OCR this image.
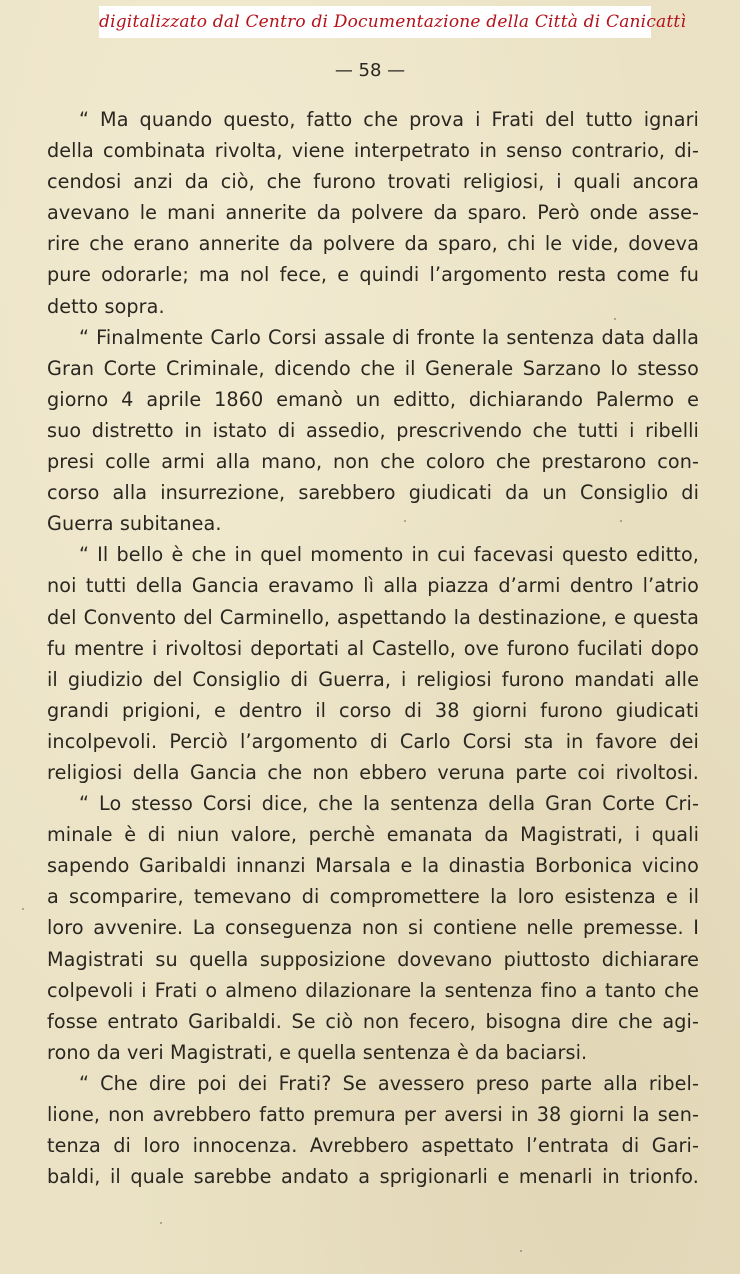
digitalizzato dal Centro di Documentazione della Città di Canicattì
— 58 —
“ Ma quando questo, fatto che prova i Frati del tutto ignari
della combinata rivolta, viene interpetrato in senso contrario, di-
cendosi anzi da ciò, che furono trovati religiosi, i quali ancora
avevano le mani annerite da polvere da sparo. Però onde asse-
rire che erano annerite da polvere da sparo, chi le vide, doveva
pure odorarle; ma nol fece, e quindi l’argomento resta come fu
detto sopra.
“ Finalmente Carlo Corsi assale di fronte la sentenza data dalla
Gran Corte Criminale, dicendo che il Generale Sarzano lo stesso
giorno 4 aprile 1860 emanò un editto, dichiarando Palermo e
suo distretto in istato di assedio, prescrivendo che tutti i ribelli
presi colle armi alla mano, non che coloro che prestarono con-
corso alla insurrezione, sarebbero giudicati da un Consiglio di
Guerra subitanea.
“ Il bello è che in quel momento in cui facevasi questo editto,
noi tutti della Gancia eravamo lì alla piazza d’armi dentro l’atrio
del Convento del Carminello, aspettando la destinazione, e questa
fu mentre i rivoltosi deportati al Castello, ove furono fucilati dopo
il giudizio del Consiglio di Guerra, i religiosi furono mandati alle
grandi prigioni, e dentro il corso di 38 giorni furono giudicati
incolpevoli. Perciò l’argomento di Carlo Corsi sta in favore dei
religiosi della Gancia che non ebbero veruna parte coi rivoltosi.
“ Lo stesso Corsi dice, che la sentenza della Gran Corte Cri-
minale è di niun valore, perchè emanata da Magistrati, i quali
sapendo Garibaldi innanzi Marsala e la dinastia Borbonica vicino
a scomparire, temevano di compromettere la loro esistenza e il
loro avvenire. La conseguenza non si contiene nelle premesse. I
Magistrati su quella supposizione dovevano piuttosto dichiarare
colpevoli i Frati o almeno dilazionare la sentenza fino a tanto che
fosse entrato Garibaldi. Se ciò non fecero, bisogna dire che agi-
rono da veri Magistrati, e quella sentenza è da baciarsi.
“ Che dire poi dei Frati? Se avessero preso parte alla ribel-
lione, non avrebbero fatto premura per aversi in 38 giorni la sen-
tenza di loro innocenza. Avrebbero aspettato l’entrata di Gari-
baldi, il quale sarebbe andato a sprigionarli e menarli in trionfo.
